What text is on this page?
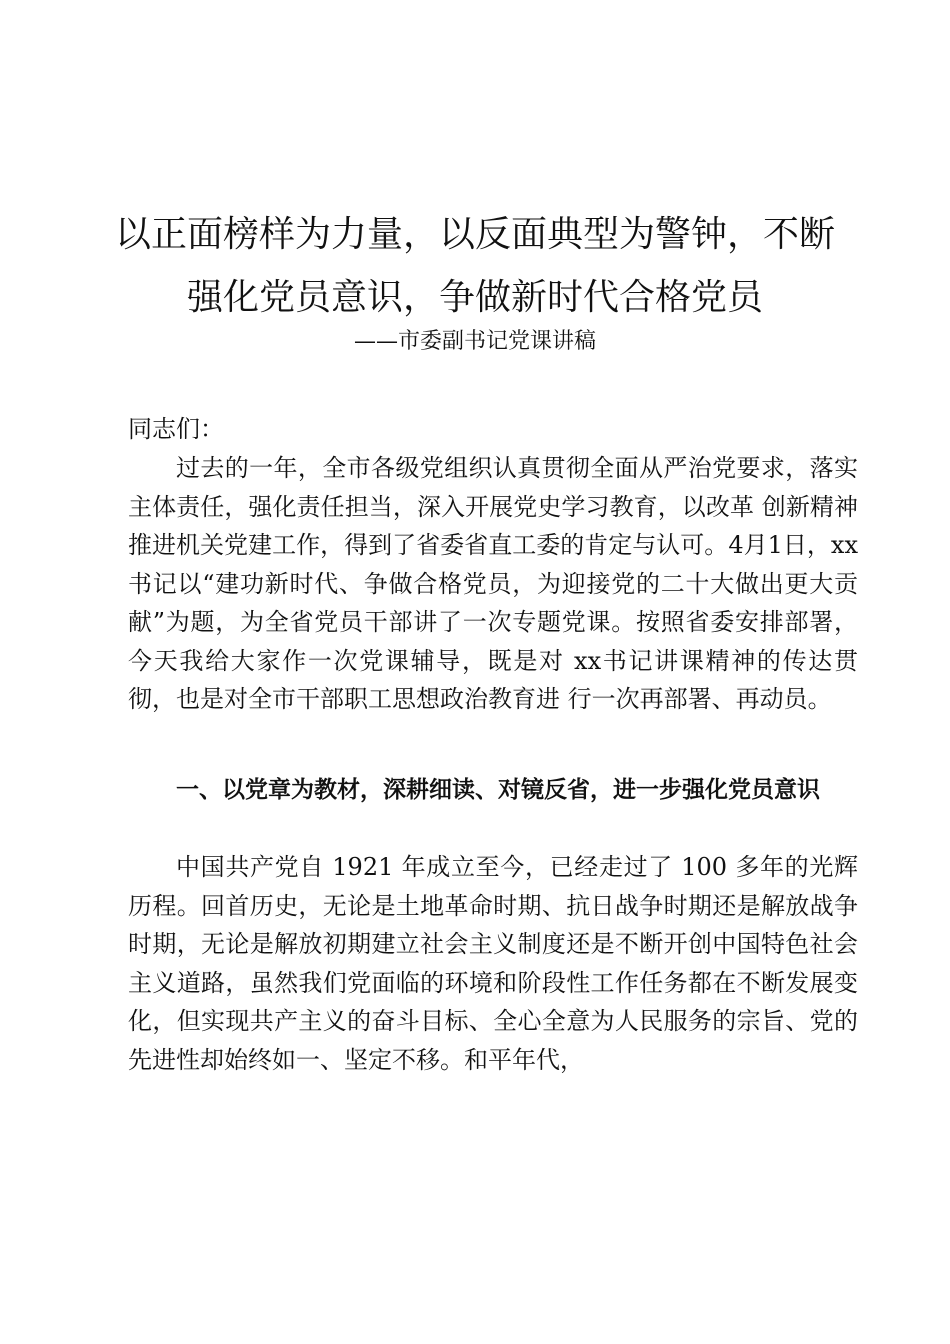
以正面榜样为力量，以反面典型为警钟，不断
强化党员意识，争做新时代合格党员

——市委副书记党课讲稿

同志们：

过去的一年，全市各级党组织认真贯彻全面从严治党要求，落实主体责任，强化责任担当，深入开展党史学习教育，以改革 创新精神推进机关党建工作，得到了省委省直工委的肯定与认可。4月1日，xx书记以“建功新时代、争做合格党员，为迎接党的二十大做出更大贡献”为题，为全省党员干部讲了一次专题党课。按照省委安排部署，今天我给大家作一次党课辅导，既是对 xx书记讲课精神的传达贯彻，也是对全市干部职工思想政治教育进 行一次再部署、再动员。

一、以党章为教材，深耕细读、对镜反省，进一步强化党员意识

中国共产党自 1921 年成立至今，已经走过了 100 多年的光辉历程。回首历史，无论是土地革命时期、抗日战争时期还是解放战争时期，无论是解放初期建立社会主义制度还是不断开创中国特色社会主义道路，虽然我们党面临的环境和阶段性工作任务都在不断发展变化，但实现共产主义的奋斗目标、全心全意为人民服务的宗旨、党的先进性却始终如一、坚定不移。和平年代，
